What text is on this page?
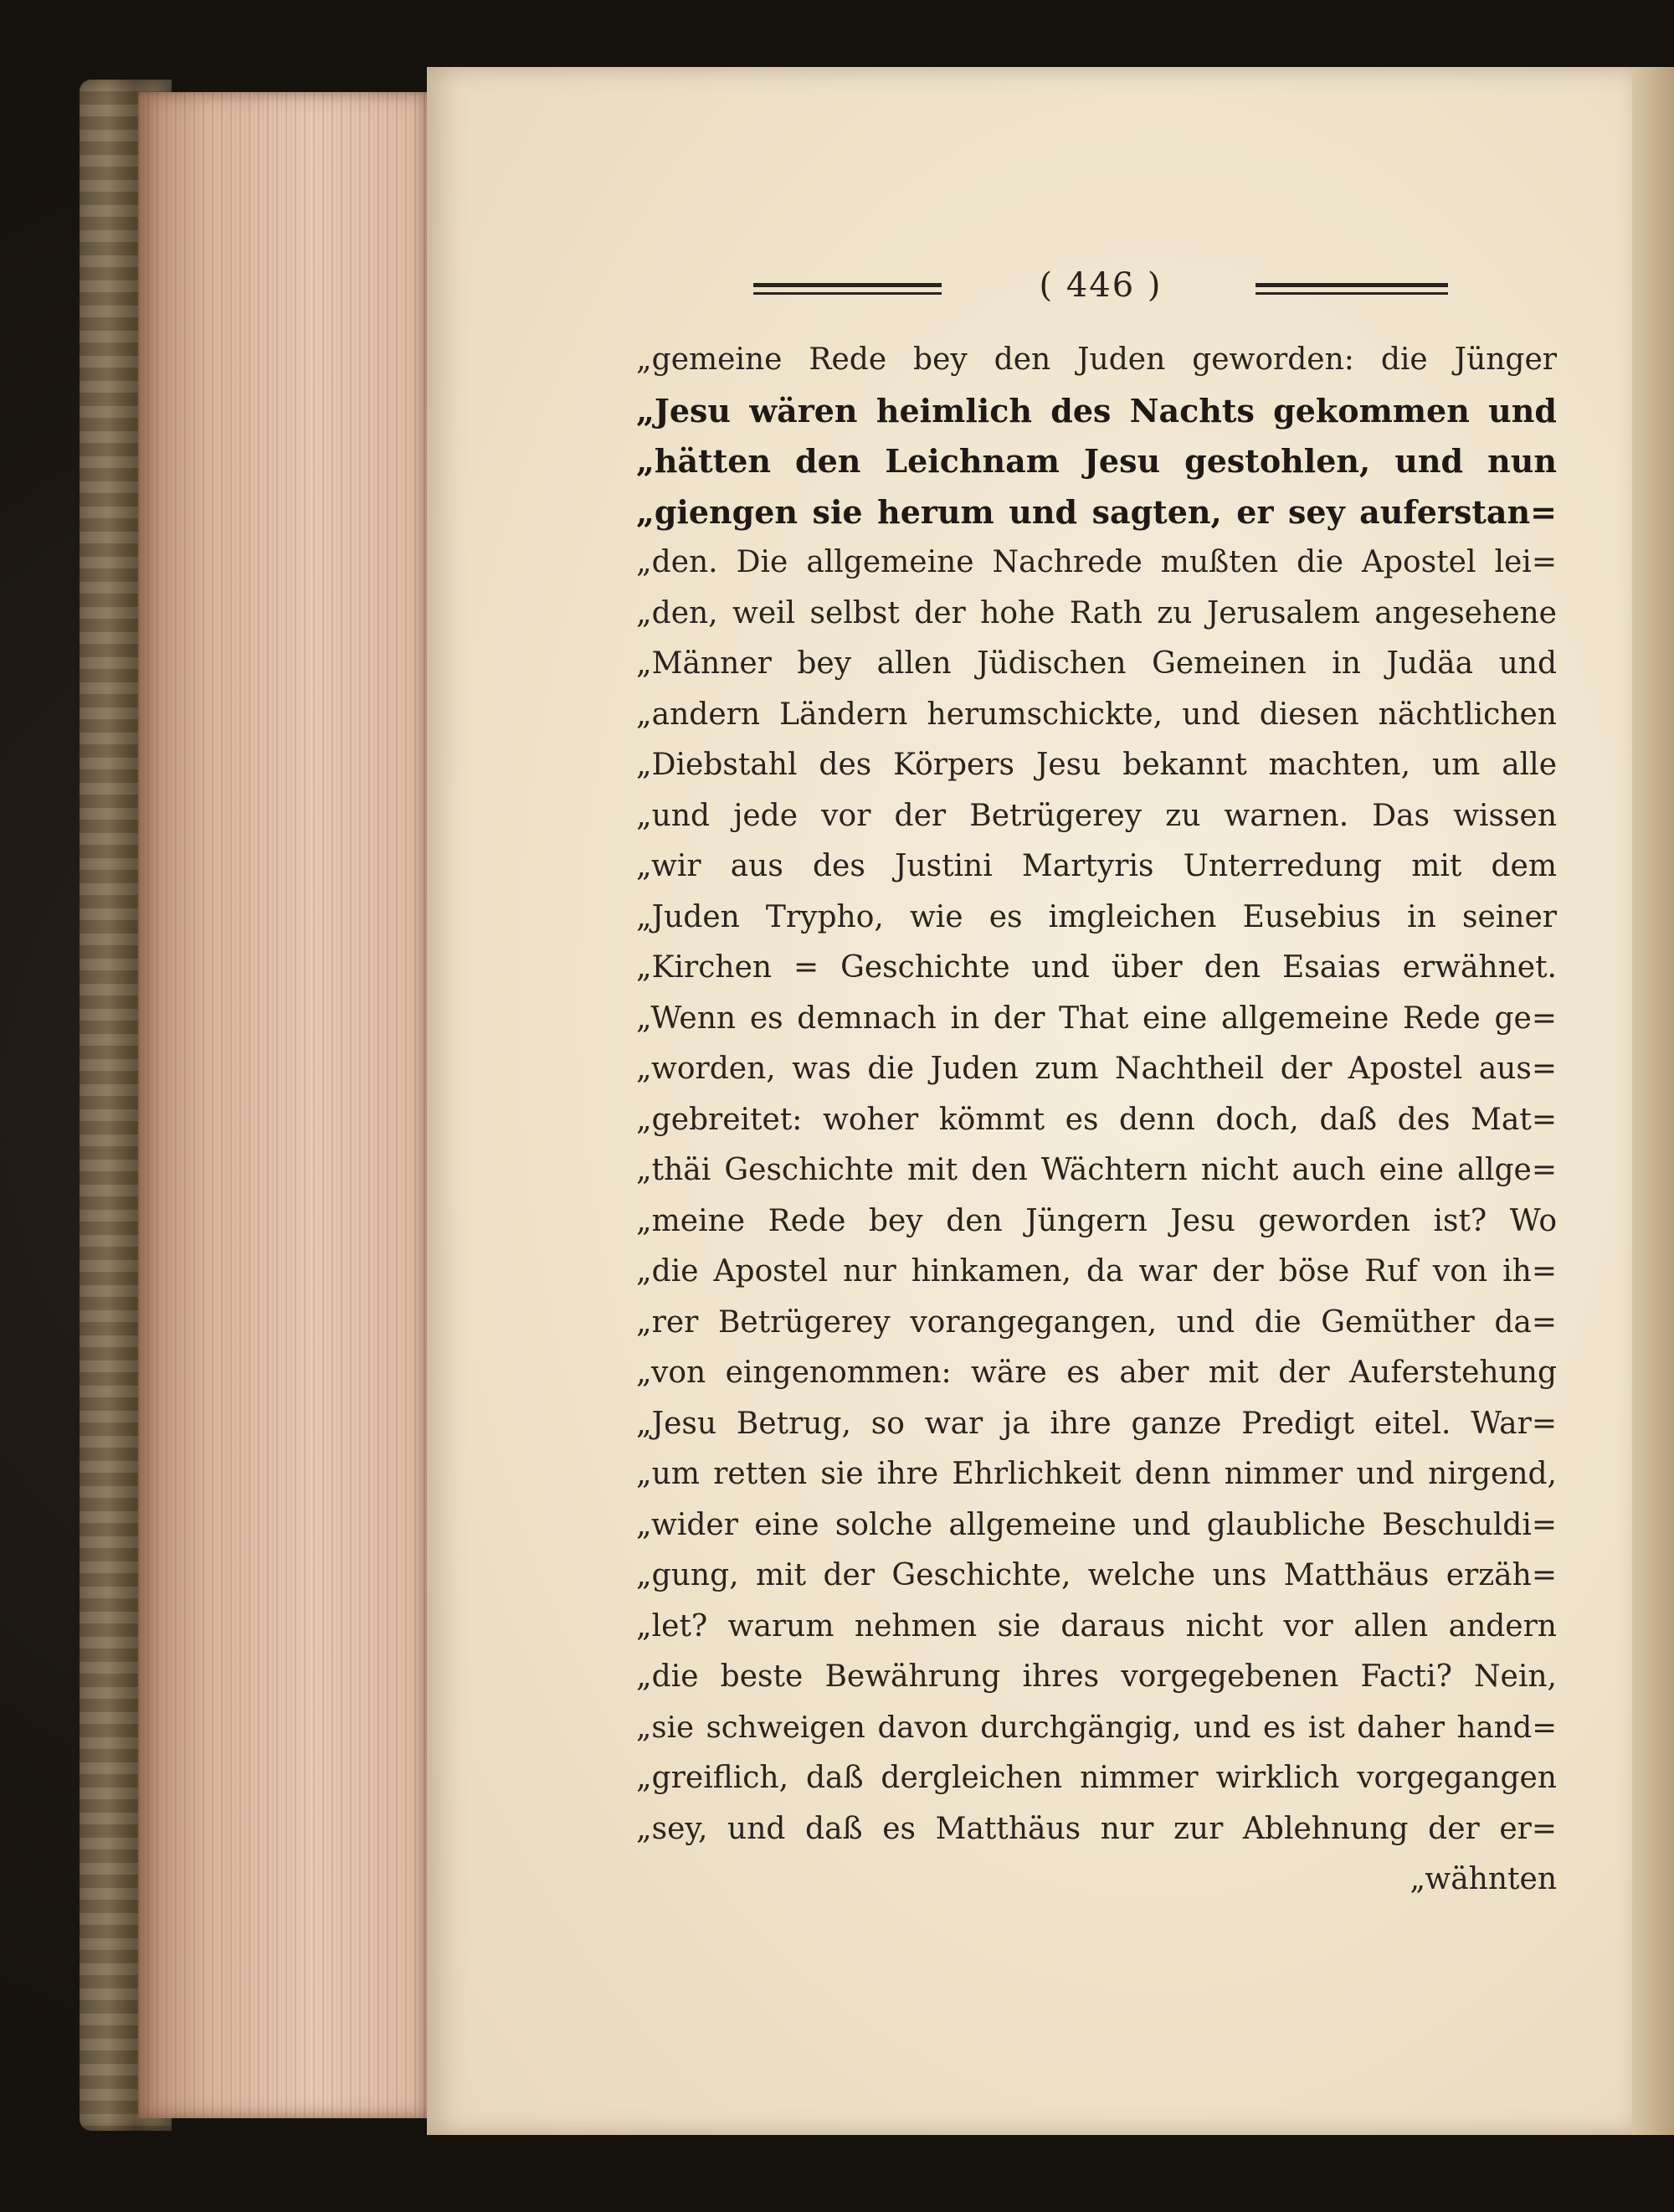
( 446 )
„gemeine Rede bey den Juden geworden: die Jünger
„Jesu wären heimlich des Nachts gekommen und
„hätten den Leichnam Jesu gestohlen, und nun
„giengen sie herum und sagten, er sey auferstan=
„den. Die allgemeine Nachrede mußten die Apostel lei=
„den, weil selbst der hohe Rath zu Jerusalem angesehene
„Männer bey allen Jüdischen Gemeinen in Judäa und
„andern Ländern herumschickte, und diesen nächtlichen
„Diebstahl des Körpers Jesu bekannt machten, um alle
„und jede vor der Betrügerey zu warnen. Das wissen
„wir aus des Justini Martyris Unterredung mit dem
„Juden Trypho, wie es imgleichen Eusebius in seiner
„Kirchen = Geschichte und über den Esaias erwähnet.
„Wenn es demnach in der That eine allgemeine Rede ge=
„worden, was die Juden zum Nachtheil der Apostel aus=
„gebreitet: woher kömmt es denn doch, daß des Mat=
„thäi Geschichte mit den Wächtern nicht auch eine allge=
„meine Rede bey den Jüngern Jesu geworden ist? Wo
„die Apostel nur hinkamen, da war der böse Ruf von ih=
„rer Betrügerey vorangegangen, und die Gemüther da=
„von eingenommen: wäre es aber mit der Auferstehung
„Jesu Betrug, so war ja ihre ganze Predigt eitel. War=
„um retten sie ihre Ehrlichkeit denn nimmer und nirgend,
„wider eine solche allgemeine und glaubliche Beschuldi=
„gung, mit der Geschichte, welche uns Matthäus erzäh=
„let? warum nehmen sie daraus nicht vor allen andern
„die beste Bewährung ihres vorgegebenen Facti? Nein,
„sie schweigen davon durchgängig, und es ist daher hand=
„greiflich, daß dergleichen nimmer wirklich vorgegangen
„sey, und daß es Matthäus nur zur Ablehnung der er=
„wähnten
